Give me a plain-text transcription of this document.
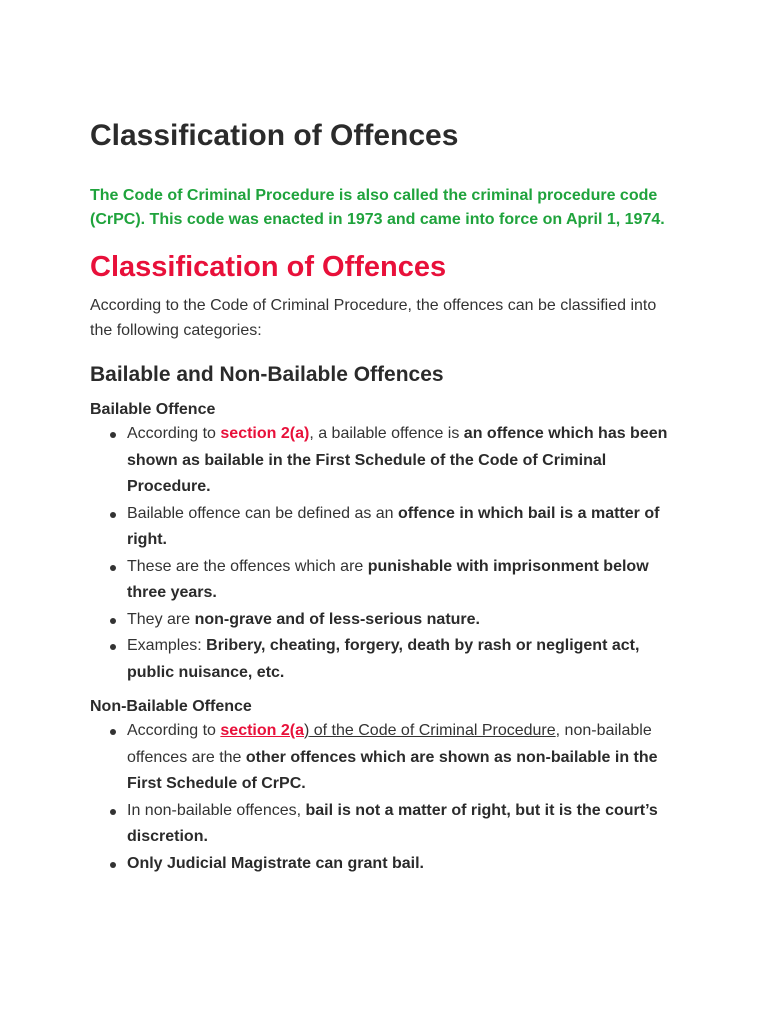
Classification of Offences

The Code of Criminal Procedure is also called the criminal procedure code (CrPC). This code was enacted in 1973 and came into force on April 1, 1974.

Classification of Offences

According to the Code of Criminal Procedure, the offences can be classified into the following categories:

Bailable and Non-Bailable Offences

Bailable Offence

According to section 2(a), a bailable offence is an offence which has been shown as bailable in the First Schedule of the Code of Criminal Procedure.
Bailable offence can be defined as an offence in which bail is a matter of right.
These are the offences which are punishable with imprisonment below three years.
They are non-grave and of less-serious nature.
Examples: Bribery, cheating, forgery, death by rash or negligent act, public nuisance, etc.

Non-Bailable Offence

According to section 2(a) of the Code of Criminal Procedure, non-bailable offences are the other offences which are shown as non-bailable in the First Schedule of CrPC.
In non-bailable offences, bail is not a matter of right, but it is the court’s discretion.
Only Judicial Magistrate can grant bail.
